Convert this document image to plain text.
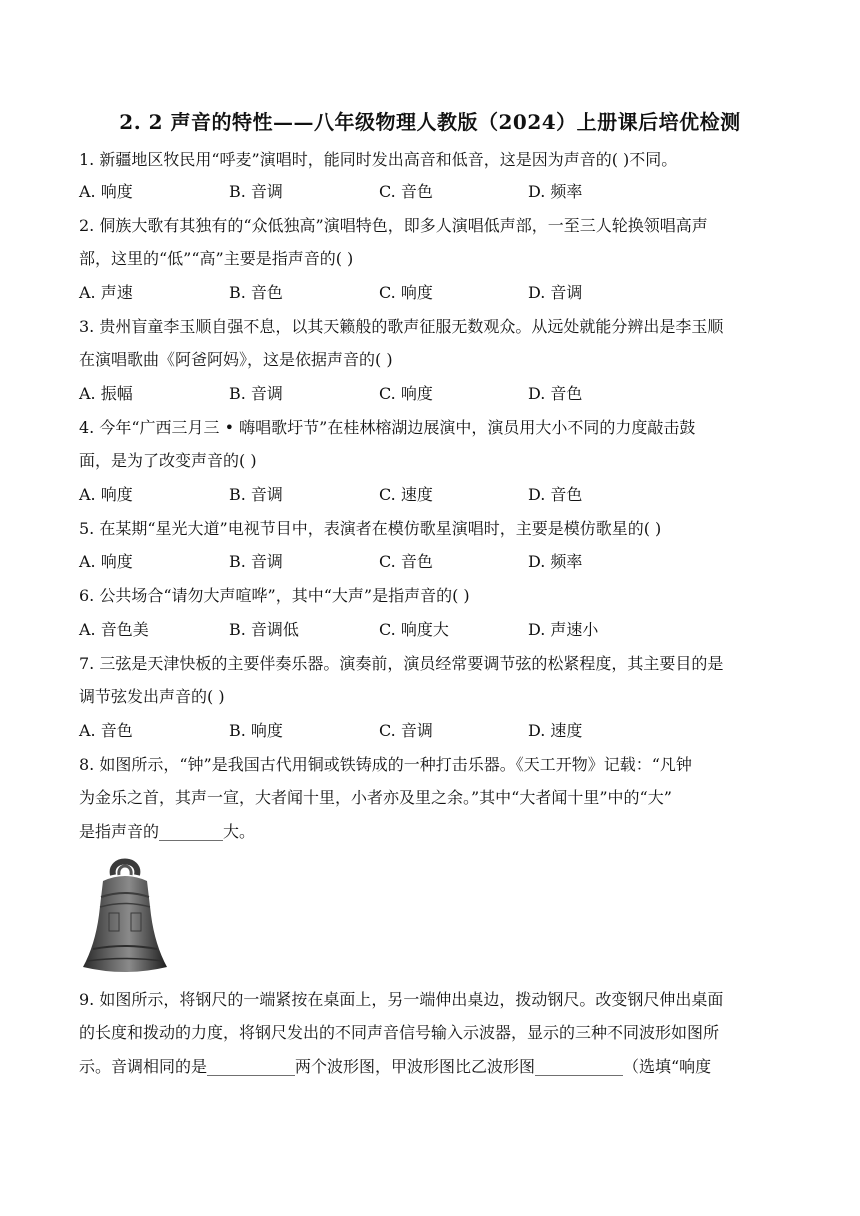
2. 2 声音的特性——八年级物理人教版（2024）上册课后培优检测
1. 新疆地区牧民用“呼麦”演唱时，能同时发出高音和低音，这是因为声音的( )不同。
A. 响度	B. 音调	C. 音色	D. 频率
2. 侗族大歌有其独有的“众低独高”演唱特色，即多人演唱低声部，一至三人轮换领唱高声
部，这里的“低”“高”主要是指声音的( )
A. 声速	B. 音色	C. 响度	D. 音调
3. 贵州盲童李玉顺自强不息，以其天籁般的歌声征服无数观众。从远处就能分辨出是李玉顺
在演唱歌曲《阿爸阿妈》，这是依据声音的( )
A. 振幅	B. 音调	C. 响度	D. 音色
4. 今年“广西三月三 • 嗨唱歌圩节”在桂林榕湖边展演中，演员用大小不同的力度敲击鼓
面，是为了改变声音的( )
A. 响度	B. 音调	C. 速度	D. 音色
5. 在某期“星光大道”电视节目中，表演者在模仿歌星演唱时，主要是模仿歌星的( )
A. 响度	B. 音调	C. 音色	D. 频率
6. 公共场合“请勿大声喧哗”，其中“大声”是指声音的( )
A. 音色美	B. 音调低	C. 响度大	D. 声速小
7. 三弦是天津快板的主要伴奏乐器。演奏前，演员经常要调节弦的松紧程度，其主要目的是
调节弦发出声音的( )
A. 音色	B. 响度	C. 音调	D. 速度
8. 如图所示，“钟”是我国古代用铜或铁铸成的一种打击乐器。《天工开物》记载：“凡钟
为金乐之首，其声一宣，大者闻十里，小者亦及里之余。”其中“大者闻十里”中的“大”
是指声音的________大。
9. 如图所示，将钢尺的一端紧按在桌面上，另一端伸出桌边，拨动钢尺。改变钢尺伸出桌面
的长度和拨动的力度，将钢尺发出的不同声音信号输入示波器，显示的三种不同波形如图所
示。音调相同的是___________两个波形图，甲波形图比乙波形图___________（选填“响度
